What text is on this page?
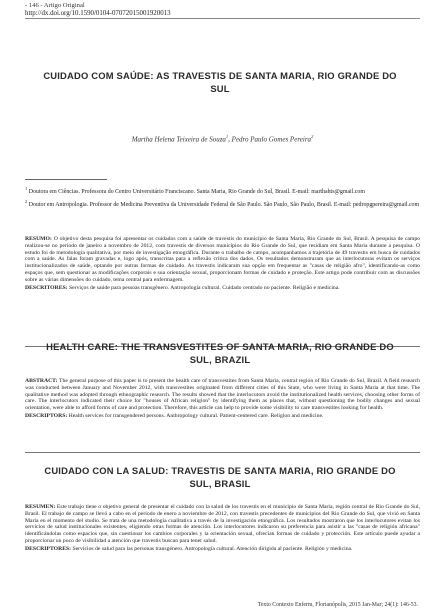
- 146 - Artigo Original
http://dx.doi.org/10.1590/0104-07072015001920013
CUIDADO COM SAÚDE: AS TRAVESTIS DE SANTA MARIA, RIO GRANDE DO SUL
Martha Helena Teixeira de Souza$^1$, Pedro Paulo Gomes Pereira$^2$

$^1$ Doutora em Ciências. Professora do Centro Universitário Franciscano. Santa Maria, Rio Grande do Sul, Brasil. E-mail: marthahts@gmail.com

$^2$ Doutor em Antropologia. Professor de Medicina Preventiva da Universidade Federal de São Paulo. São Paulo, São Paulo, Brasil. E-mail: pedropgpereira@gmail.com

RESUMO: O objetivo desta pesquisa foi apresentar os cuidados com a saúde de travestis do município de Santa Maria, Rio Grande do Sul, Brasil. A pesquisa de campo realizou-se no período de janeiro a novembro de 2012, com travestis de diversos municípios do Rio Grande do Sul, que residiam em Santa Maria durante a pesquisa. O estudo foi de metodologia qualitativa, por meio de investigação etnográfica. Durante o trabalho de campo, acompanhamos a trajetória de 49 travestis em busca de cuidados com a saúde. As falas foram gravadas e, logo após, transcritas para a reflexão crítica dos dados. Os resultados demonstraram que as interlocutoras evitam os serviços institucionalizados de saúde, optando por outras formas de cuidado. As travestis indicaram sua opção em frequentar as "casas de religião afro", identificando-as como espaços que, sem questionar as modificações corporais e sua orientação sexual, proporcionam formas de cuidado e proteção. Este artigo pode contribuir com as discussões sobre as várias dimensões do cuidado, tema central para enfermagem.

DESCRITORES: Serviços de saúde para pessoas transgênero. Antropologia cultural. Cuidado centrado no paciente. Religião e medicina.

HEALTH CARE: THE TRANSVESTITES OF SANTA MARIA, RIO GRANDE DO SUL, BRAZIL

ABSTRACT: The general purpose of this paper is to present the health care of transvestites from Santa Maria, central region of Rio Grande do Sul, Brazil. A field research was conducted between January and November 2012, with transvestites originated from different cities of this State, who were living in Santa Maria at that time. The qualitative method was adopted through ethnographic research. The results showed that the interlocutors avoid the institutionalized health services, choosing other forms of care. The interlocutors indicated their choice for "houses of African religion" by identifying them as places that, without questioning the bodily changes and sexual orientation, were able to afford forms of care and protection. Therefore, this article can help to provide some visibility to care transvestites looking for health.

DESCRIPTORS: Health services for transgendered persons. Anthropology cultural. Patient-centered care. Religion and medicine.

CUIDADO CON LA SALUD: TRAVESTIS DE SANTA MARIA, RIO GRANDE DO SUL, BRASIL

RESUMEN: Este trabajo tiene o objetivo general de presentar el cuidado con la salud de los travestis en el municipio de Santa Maria, región central de Rio Grande do Sul, Brasil. El trabajo de campo se llevó a cabo en el periodo de enero a noviembre de 2012, con travestis precedentes de municipios del Rio Grande do Sul, que vivió en Santa Maria en el momento del studio. Se trata de una metodología cualitativa a través de la investigación etnográfica. Los resultados mostraron que los interlocutores evitan los servicios de salud institucionales existentes, eligiendo otras formas de atención. Los interlocutores indicaron su preferencia para asistir a las "casas de religión africana" identificándolas como espacios que, sin cuestionar los cambios corporales y la orientación sexual, ofrecían formas de cuidado y protección. Este artículo puede ayudar a proporcionar un poco de visibilidad a atención que travestis buscan para tener salud.

DESCRIPTORES: Servicios de salud para las personas transgénero. Antropología cultural. Atención dirigida al paciente. Religión y medicina.

Texto Contexto Enferm, Florianópolis, 2015 Jan-Mar; 24(1): 146-53.
